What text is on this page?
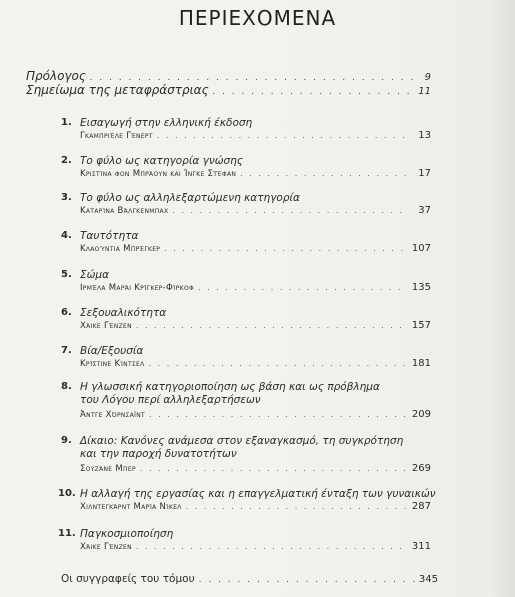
ΠΕΡΙΕΧΟΜΕΝΑ
Πρόλογος . . .	9
Σημείωμα της μεταφράστριας . . .	11
1. Εισαγωγή στην ελληνική έκδοση
Γκαμπριέλε Γένερτ . . .	13
2. Το φύλο ως κατηγορία γνώσης
Κριστίνα φον Μπράουν και Ίνγκε Στέφαν . . .	17
3. Το φύλο ως αλληλεξαρτώμενη κατηγορία
Καταρίνα Βάλγκενμπαχ . . .	37
4. Ταυτότητα
Κλαούντια Μπρέγκερ . . .	107
5. Σώμα
Ιρμέλα Μαράι Κρίγκερ-Φίρκοφ . . .	135
6. Σεξουαλικότητα
Χάικε Γένζεν . . .	157
7. Βία/Εξουσία
Κρίστινε Κίντσελ . . .	181
8. Η γλωσσική κατηγοριοποίηση ως βάση και ως πρόβλημα
του Λόγου περί αλληλεξαρτήσεων
Άντγε Χόρνσαϊντ . . .	209
9. Δίκαιο: Κανόνες ανάμεσα στον εξαναγκασμό, τη συγκρότηση
και την παροχή δυνατοτήτων
Σουζάνε Μπερ . . .	269
10. Η αλλαγή της εργασίας και η επαγγελματική ένταξη των γυναικών
Χιλντεγκάρντ Μαρία Νίκελ . . .	287
11. Παγκοσμιοποίηση
Χάικε Γένζεν . . .	311
Οι συγγραφείς του τόμου . . .	345
